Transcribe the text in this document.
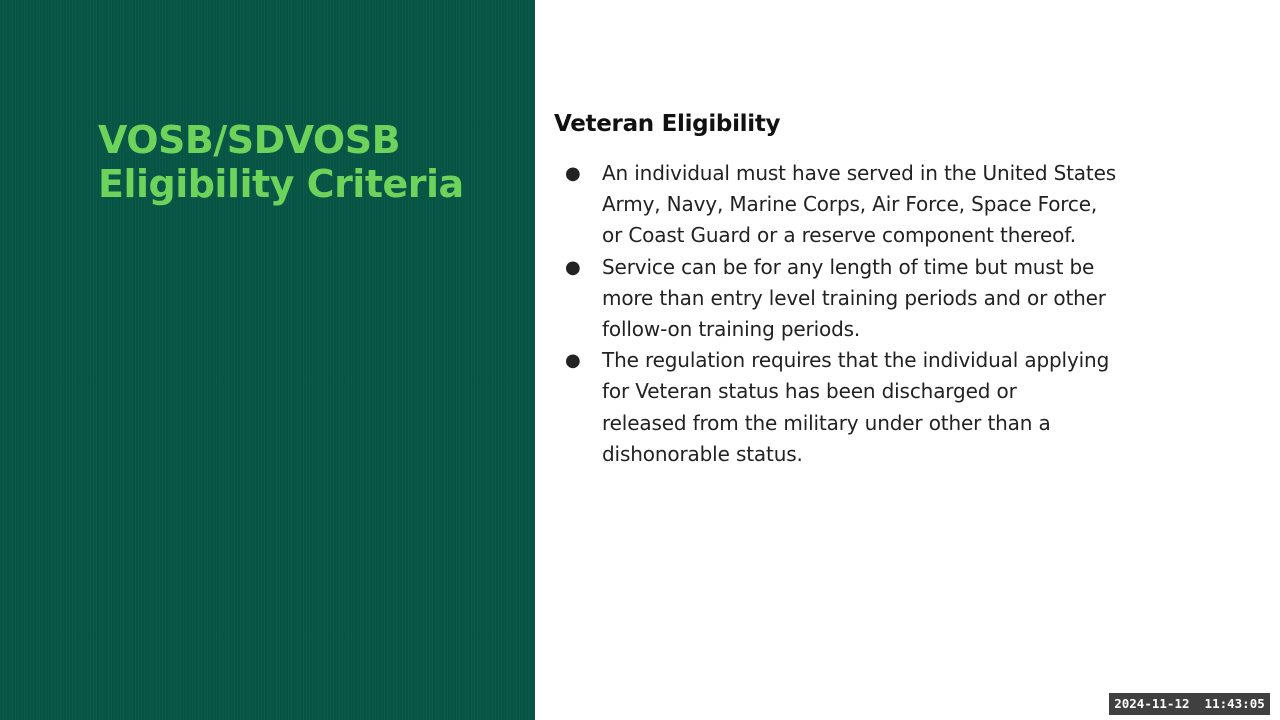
VOSB/SDVOSB
Eligibility Criteria
Veteran Eligibility
● An individual must have served in the United States
Army, Navy, Marine Corps, Air Force, Space Force,
or Coast Guard or a reserve component thereof.
● Service can be for any length of time but must be
more than entry level training periods and or other
follow-on training periods.
● The regulation requires that the individual applying
for Veteran status has been discharged or
released from the military under other than a
dishonorable status.
2024-11-12  11:43:05
